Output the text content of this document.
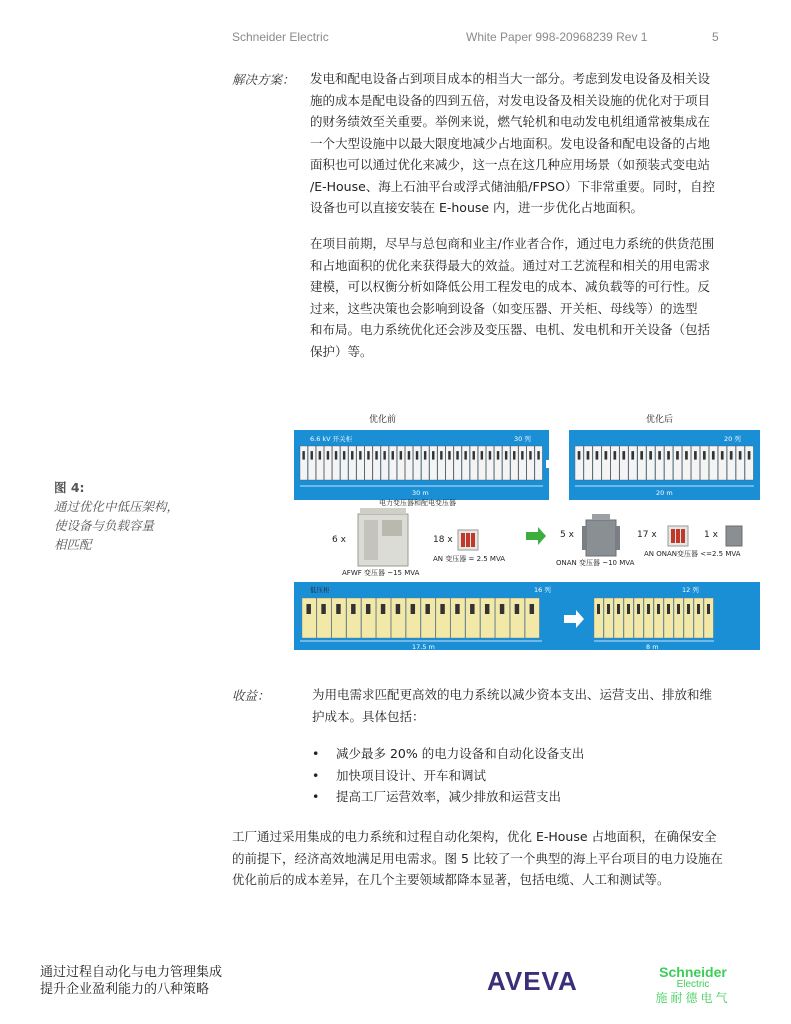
Schneider Electric	White Paper 998-20968239 Rev 1	5
解决方案： 发电和配电设备占到项目成本的相当大一部分。考虑到发电设备及相关设
施的成本是配电设备的四到五倍，对发电设备及相关设施的优化对于项目
的财务绩效至关重要。举例来说，燃气轮机和电动发电机组通常被集成在
一个大型设施中以最大限度地减少占地面积。发电设备和配电设备的占地
面积也可以通过优化来减少，这一点在这几种应用场景（如预装式变电站
/E-House、海上石油平台或浮式储油船/FPSO）下非常重要。同时，自控
设备也可以直接安装在 E-house 内，进一步优化占地面积。
在项目前期，尽早与总包商和业主/作业者合作，通过电力系统的供货范围
和占地面积的优化来获得最大的效益。通过对工艺流程和相关的用电需求
建模，可以权衡分析如降低公用工程发电的成本、减负载等的可行性。反
过来，这些决策也会影响到设备（如变压器、开关柜、母线等）的选型
和布局。电力系统优化还会涉及变压器、电机、发电机和开关设备（包括
保护）等。
图 4:
通过优化中低压架构，
使设备与负载容量
相匹配
优化前	优化后
6.6 kV 开关柜	30 列	20 列
30 m	20 m
电力变压器和配电变压器
6 x
AFWF 变压器 ~15 MVA
18 x
AN 变压器 = 2.5 MVA
5 x
ONAN 变压器 ~10 MVA
17 x	1 x
AN ONAN变压器 <=2.5 MVA
低压柜	16 列	12 列
17.5 m	8 m
收益：	为用电需求匹配更高效的电力系统以减少资本支出、运营支出、排放和维
护成本。具体包括：
• 减少最多 20% 的电力设备和自动化设备支出
• 加快项目设计、开车和调试
• 提高工厂运营效率，减少排放和运营支出
工厂通过采用集成的电力系统和过程自动化架构，优化 E-House 占地面积，在确保安全
的前提下，经济高效地满足用电需求。图 5 比较了一个典型的海上平台项目的电力设施在
优化前后的成本差异，在几个主要领域都降本显著，包括电缆、人工和测试等。
通过过程自动化与电力管理集成
提升企业盈利能力的八种策略	AVEVA	Schneider
Electric
施耐德电气
